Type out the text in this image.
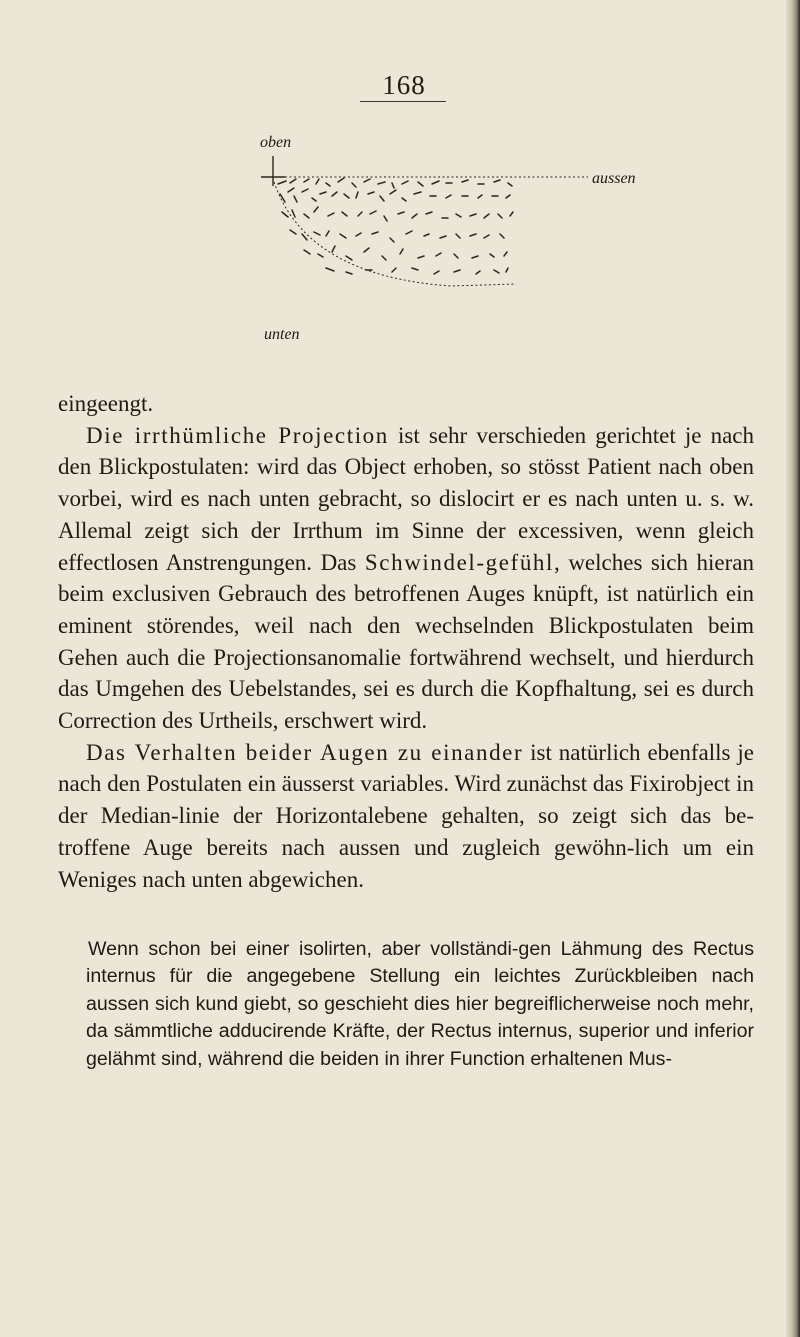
168
oben
aussen
unten

eingeengt.

Die irrthümliche Projection ist sehr verschieden gerichtet je nach den Blickpostulaten: wird das Object erhoben, so stösst Patient nach oben vorbei, wird es nach unten gebracht, so dislocirt er es nach unten u. s. w. Allemal zeigt sich der Irrthum im Sinne der excessiven, wenn gleich effectlosen Anstrengungen. Das Schwindel-gefühl, welches sich hieran beim exclusiven Gebrauch des betroffenen Auges knüpft, ist natürlich ein eminent störendes, weil nach den wechselnden Blickpostulaten beim Gehen auch die Projectionsanomalie fortwährend wechselt, und hierdurch das Umgehen des Uebelstandes, sei es durch die Kopfhaltung, sei es durch Correction des Urtheils, erschwert wird.

Das Verhalten beider Augen zu einander ist natürlich ebenfalls je nach den Postulaten ein äusserst variables. Wird zunächst das Fixirobject in der Median-linie der Horizontalebene gehalten, so zeigt sich das be-troffene Auge bereits nach aussen und zugleich gewöhn-lich um ein Weniges nach unten abgewichen.

Wenn schon bei einer isolirten, aber vollständi-gen Lähmung des Rectus internus für die angegebene Stellung ein leichtes Zurückbleiben nach aussen sich kund giebt, so geschieht dies hier begreiflicherweise noch mehr, da sämmtliche adducirende Kräfte, der Rectus internus, superior und inferior gelähmt sind, während die beiden in ihrer Function erhaltenen Mus-
